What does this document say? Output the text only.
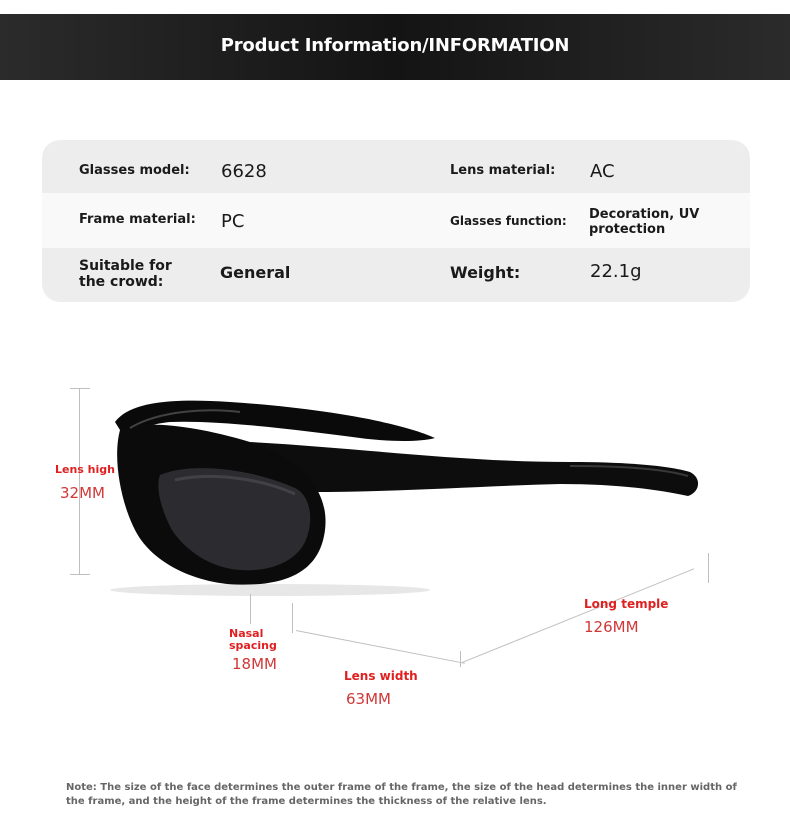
Product Information/INFORMATION
Glasses model: 6628	Lens material: AC
Frame material: PC	Glasses function: Decoration, UV protection
Suitable for the crowd:	General	Weight:	22.1g
Lens high
32MM
Nasal spacing
18MM
Lens width
63MM
Long temple
126MM
Note: The size of the face determines the outer frame of the frame, the size of the head determines the inner width of the frame, and the height of the frame determines the thickness of the relative lens.
